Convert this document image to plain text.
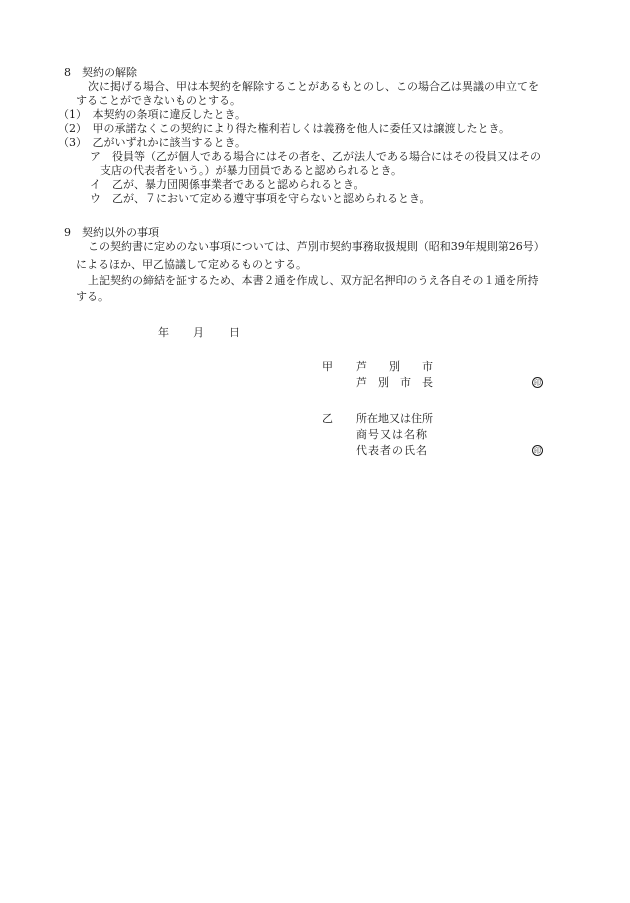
8　契約の解除
次に掲げる場合、甲は本契約を解除することがあるもとのし、この場合乙は異議の申立てを
することができないものとする。
（1）　本契約の条項に違反したとき。
（2）　甲の承諾なくこの契約により得た権利若しくは義務を他人に委任又は譲渡したとき。
（3）　乙がいずれかに該当するとき。
ア　役員等（乙が個人である場合にはその者を、乙が法人である場合にはその役員又はその
支店の代表者をいう。）が暴力団員であると認められるとき。
イ　乙が、暴力団関係事業者であると認められるとき。
ウ　乙が、７において定める遵守事項を守らないと認められるとき。
9　契約以外の事項
この契約書に定めのない事項については、芦別市契約事務取扱規則（昭和39年規則第26号）
によるほか、甲乙協議して定めるものとする。
上記契約の締結を証するため、本書２通を作成し、双方記名押印のうえ各自その１通を所持
する。
年 月 日
甲 芦　　別　　市
芦　別　市　長	印
乙 所在地又は住所
商号又は名称
代表者の氏名	印
